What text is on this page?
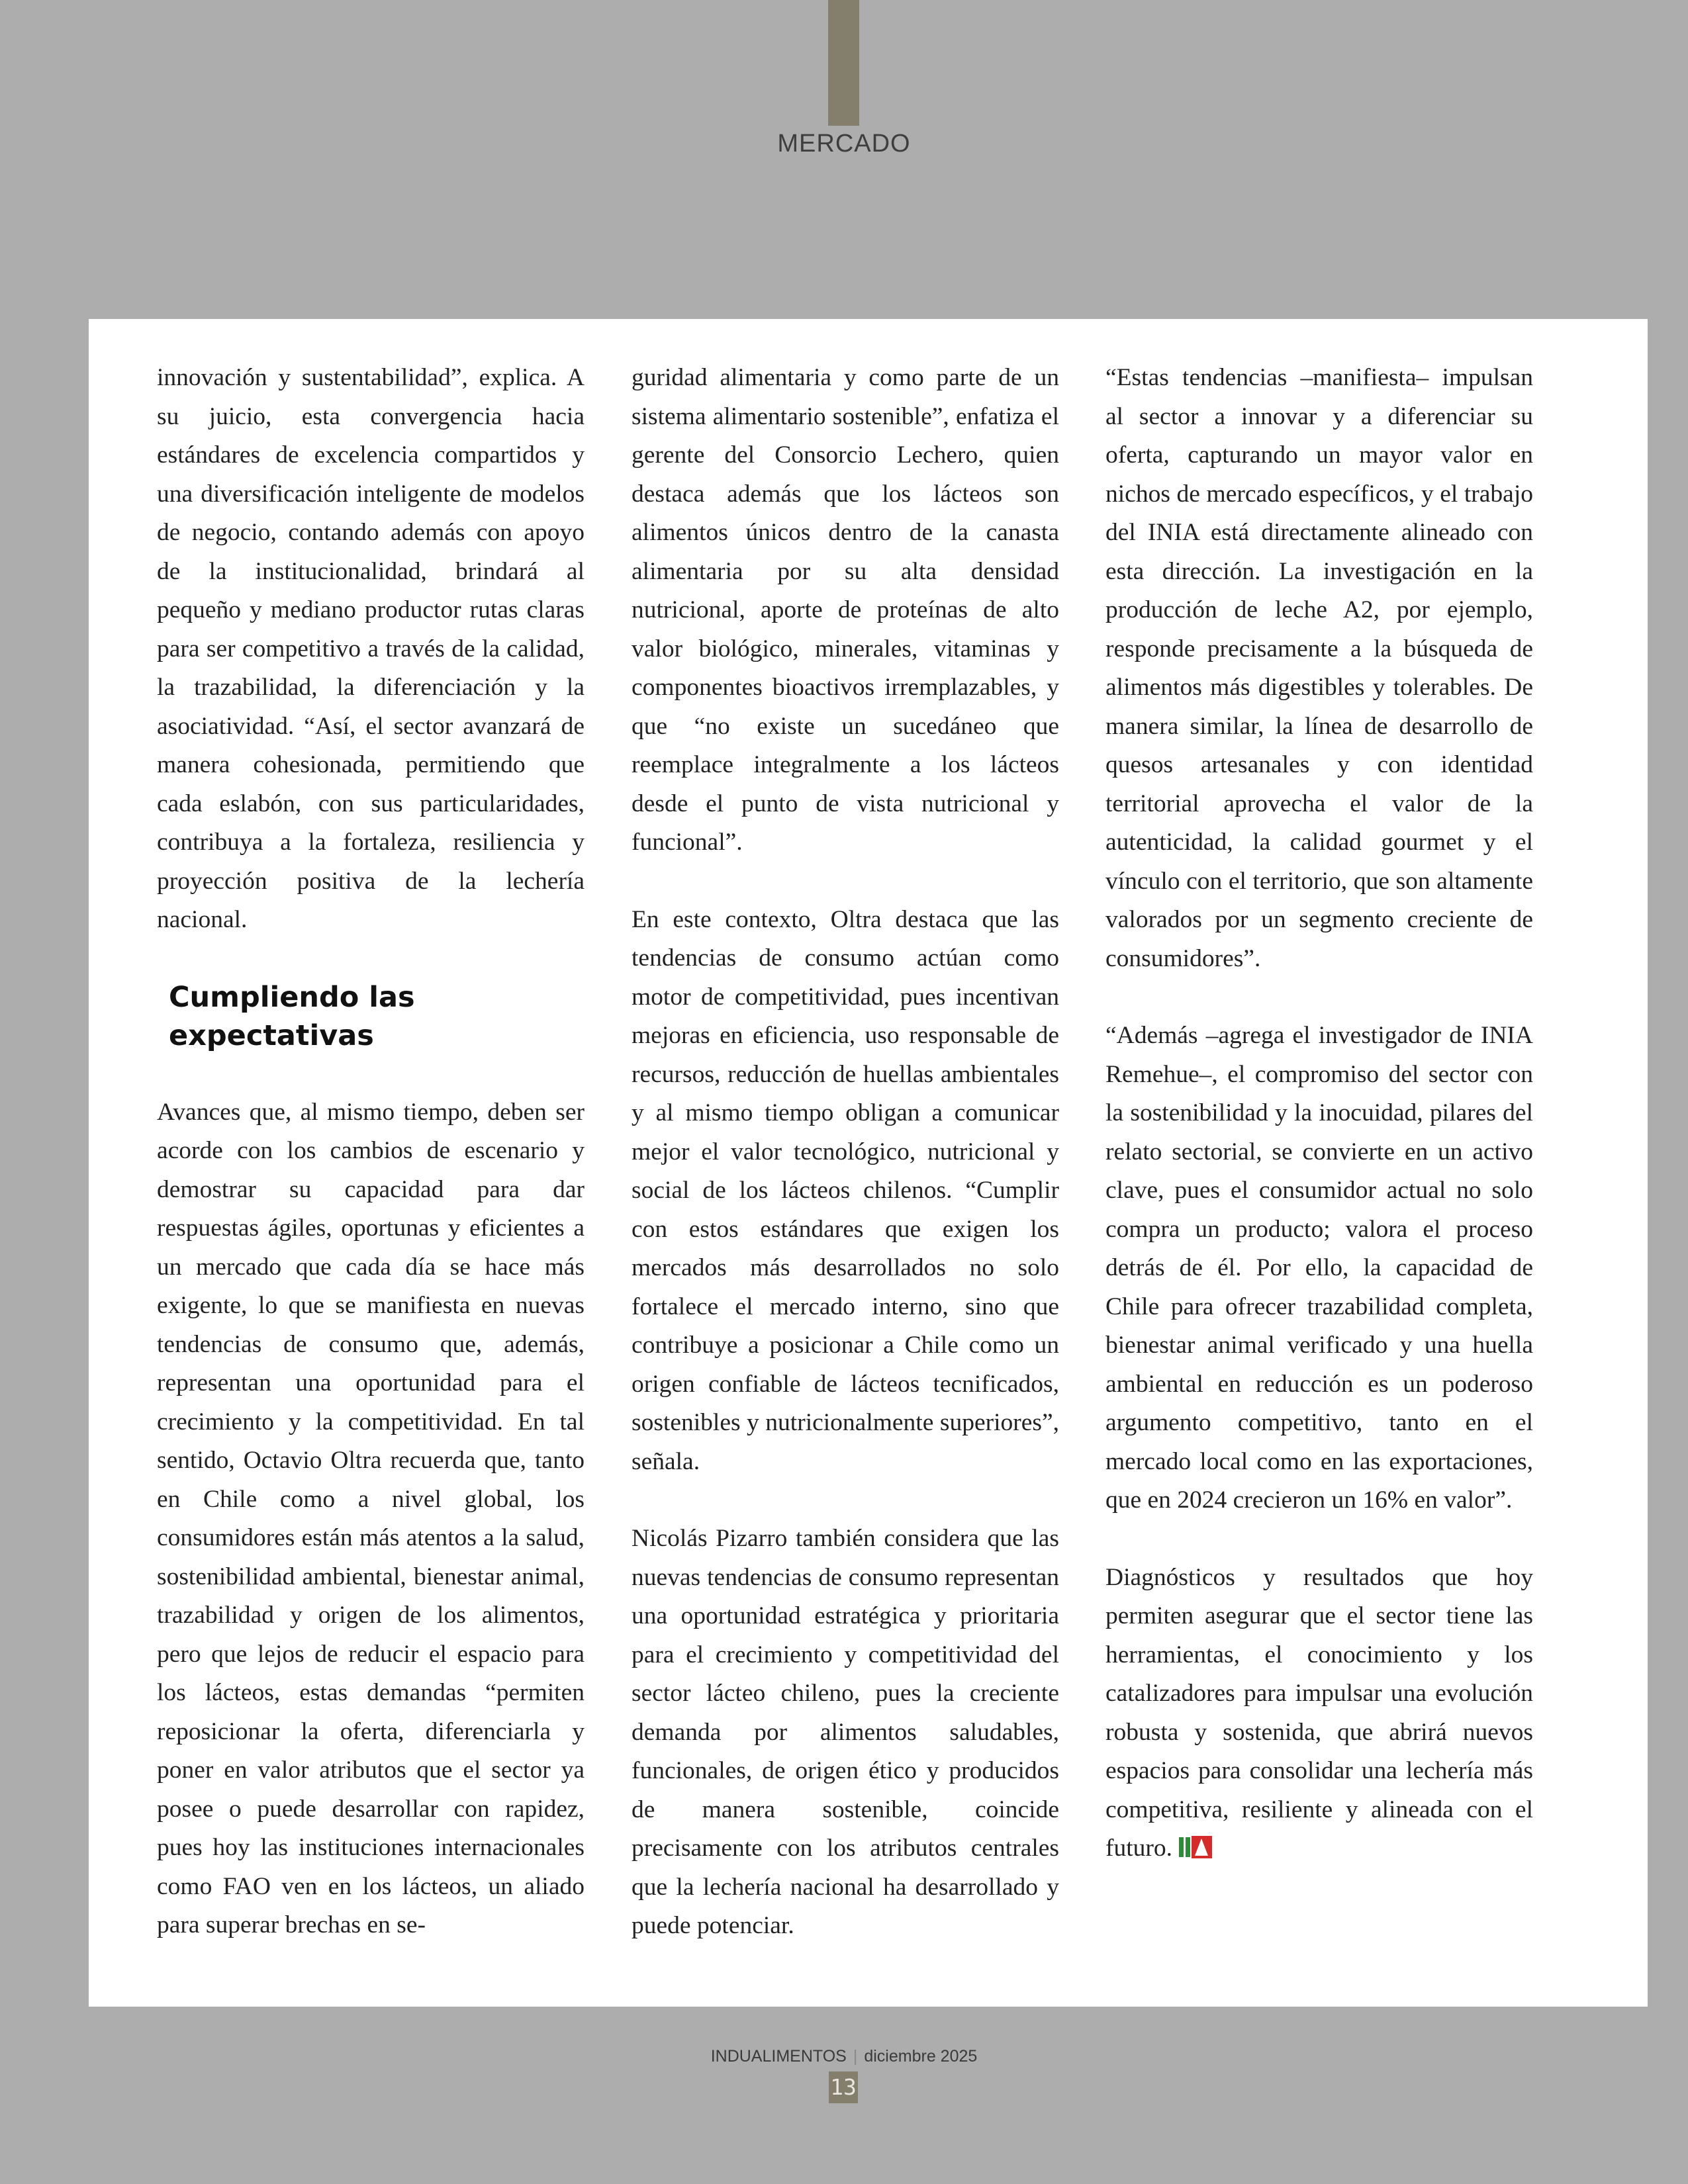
MERCADO

innovación y sustentabilidad”, explica. A su juicio, esta convergencia hacia estándares de excelencia compartidos y una diversificación inteligente de modelos de negocio, contando además con apoyo de la institucionalidad, brindará al pequeño y mediano productor rutas claras para ser competitivo a través de la calidad, la trazabilidad, la diferenciación y la asociatividad. “Así, el sector avanzará de manera cohesionada, permitiendo que cada eslabón, con sus particularidades, contribuya a la fortaleza, resiliencia y proyección positiva de la lechería nacional.

Cumpliendo las expectativas

Avances que, al mismo tiempo, deben ser acorde con los cambios de escenario y demostrar su capacidad para dar respuestas ágiles, oportunas y eficientes a un mercado que cada día se hace más exigente, lo que se manifiesta en nuevas tendencias de consumo que, además, representan una oportunidad para el crecimiento y la competitividad. En tal sentido, Octavio Oltra recuerda que, tanto en Chile como a nivel global, los consumidores están más atentos a la salud, sostenibilidad ambiental, bienestar animal, trazabilidad y origen de los alimentos, pero que lejos de reducir el espacio para los lácteos, estas demandas “permiten reposicionar la oferta, diferenciarla y poner en valor atributos que el sector ya posee o puede desarrollar con rapidez, pues hoy las instituciones internacionales como FAO ven en los lácteos, un aliado para superar brechas en se-

guridad alimentaria y como parte de un sistema alimentario sostenible”, enfatiza el gerente del Consorcio Lechero, quien destaca además que los lácteos son alimentos únicos dentro de la canasta alimentaria por su alta densidad nutricional, aporte de proteínas de alto valor biológico, minerales, vitaminas y componentes bioactivos irremplazables, y que “no existe un sucedáneo que reemplace integralmente a los lácteos desde el punto de vista nutricional y funcional”.

En este contexto, Oltra destaca que las tendencias de consumo actúan como motor de competitividad, pues incentivan mejoras en eficiencia, uso responsable de recursos, reducción de huellas ambientales y al mismo tiempo obligan a comunicar mejor el valor tecnológico, nutricional y social de los lácteos chilenos. “Cumplir con estos estándares que exigen los mercados más desarrollados no solo fortalece el mercado interno, sino que contribuye a posicionar a Chile como un origen confiable de lácteos tecnificados, sostenibles y nutricionalmente superiores”, señala.

Nicolás Pizarro también considera que las nuevas tendencias de consumo representan una oportunidad estratégica y prioritaria para el crecimiento y competitividad del sector lácteo chileno, pues la creciente demanda por alimentos saludables, funcionales, de origen ético y producidos de manera sostenible, coincide precisamente con los atributos centrales que la lechería nacional ha desarrollado y puede potenciar.

“Estas tendencias –manifiesta– impulsan al sector a innovar y a diferenciar su oferta, capturando un mayor valor en nichos de mercado específicos, y el trabajo del INIA está directamente alineado con esta dirección. La investigación en la producción de leche A2, por ejemplo, responde precisamente a la búsqueda de alimentos más digestibles y tolerables. De manera similar, la línea de desarrollo de quesos artesanales y con identidad territorial aprovecha el valor de la autenticidad, la calidad gourmet y el vínculo con el territorio, que son altamente valorados por un segmento creciente de consumidores”.

“Además –agrega el investigador de INIA Remehue–, el compromiso del sector con la sostenibilidad y la inocuidad, pilares del relato sectorial, se convierte en un activo clave, pues el consumidor actual no solo compra un producto; valora el proceso detrás de él. Por ello, la capacidad de Chile para ofrecer trazabilidad completa, bienestar animal verificado y una huella ambiental en reducción es un poderoso argumento competitivo, tanto en el mercado local como en las exportaciones, que en 2024 crecieron un 16% en valor”.

Diagnósticos y resultados que hoy permiten asegurar que el sector tiene las herramientas, el conocimiento y los catalizadores para impulsar una evolución robusta y sostenida, que abrirá nuevos espacios para consolidar una lechería más competitiva, resiliente y alineada con el futuro.

INDUALIMENTOS | diciembre 2025
13
